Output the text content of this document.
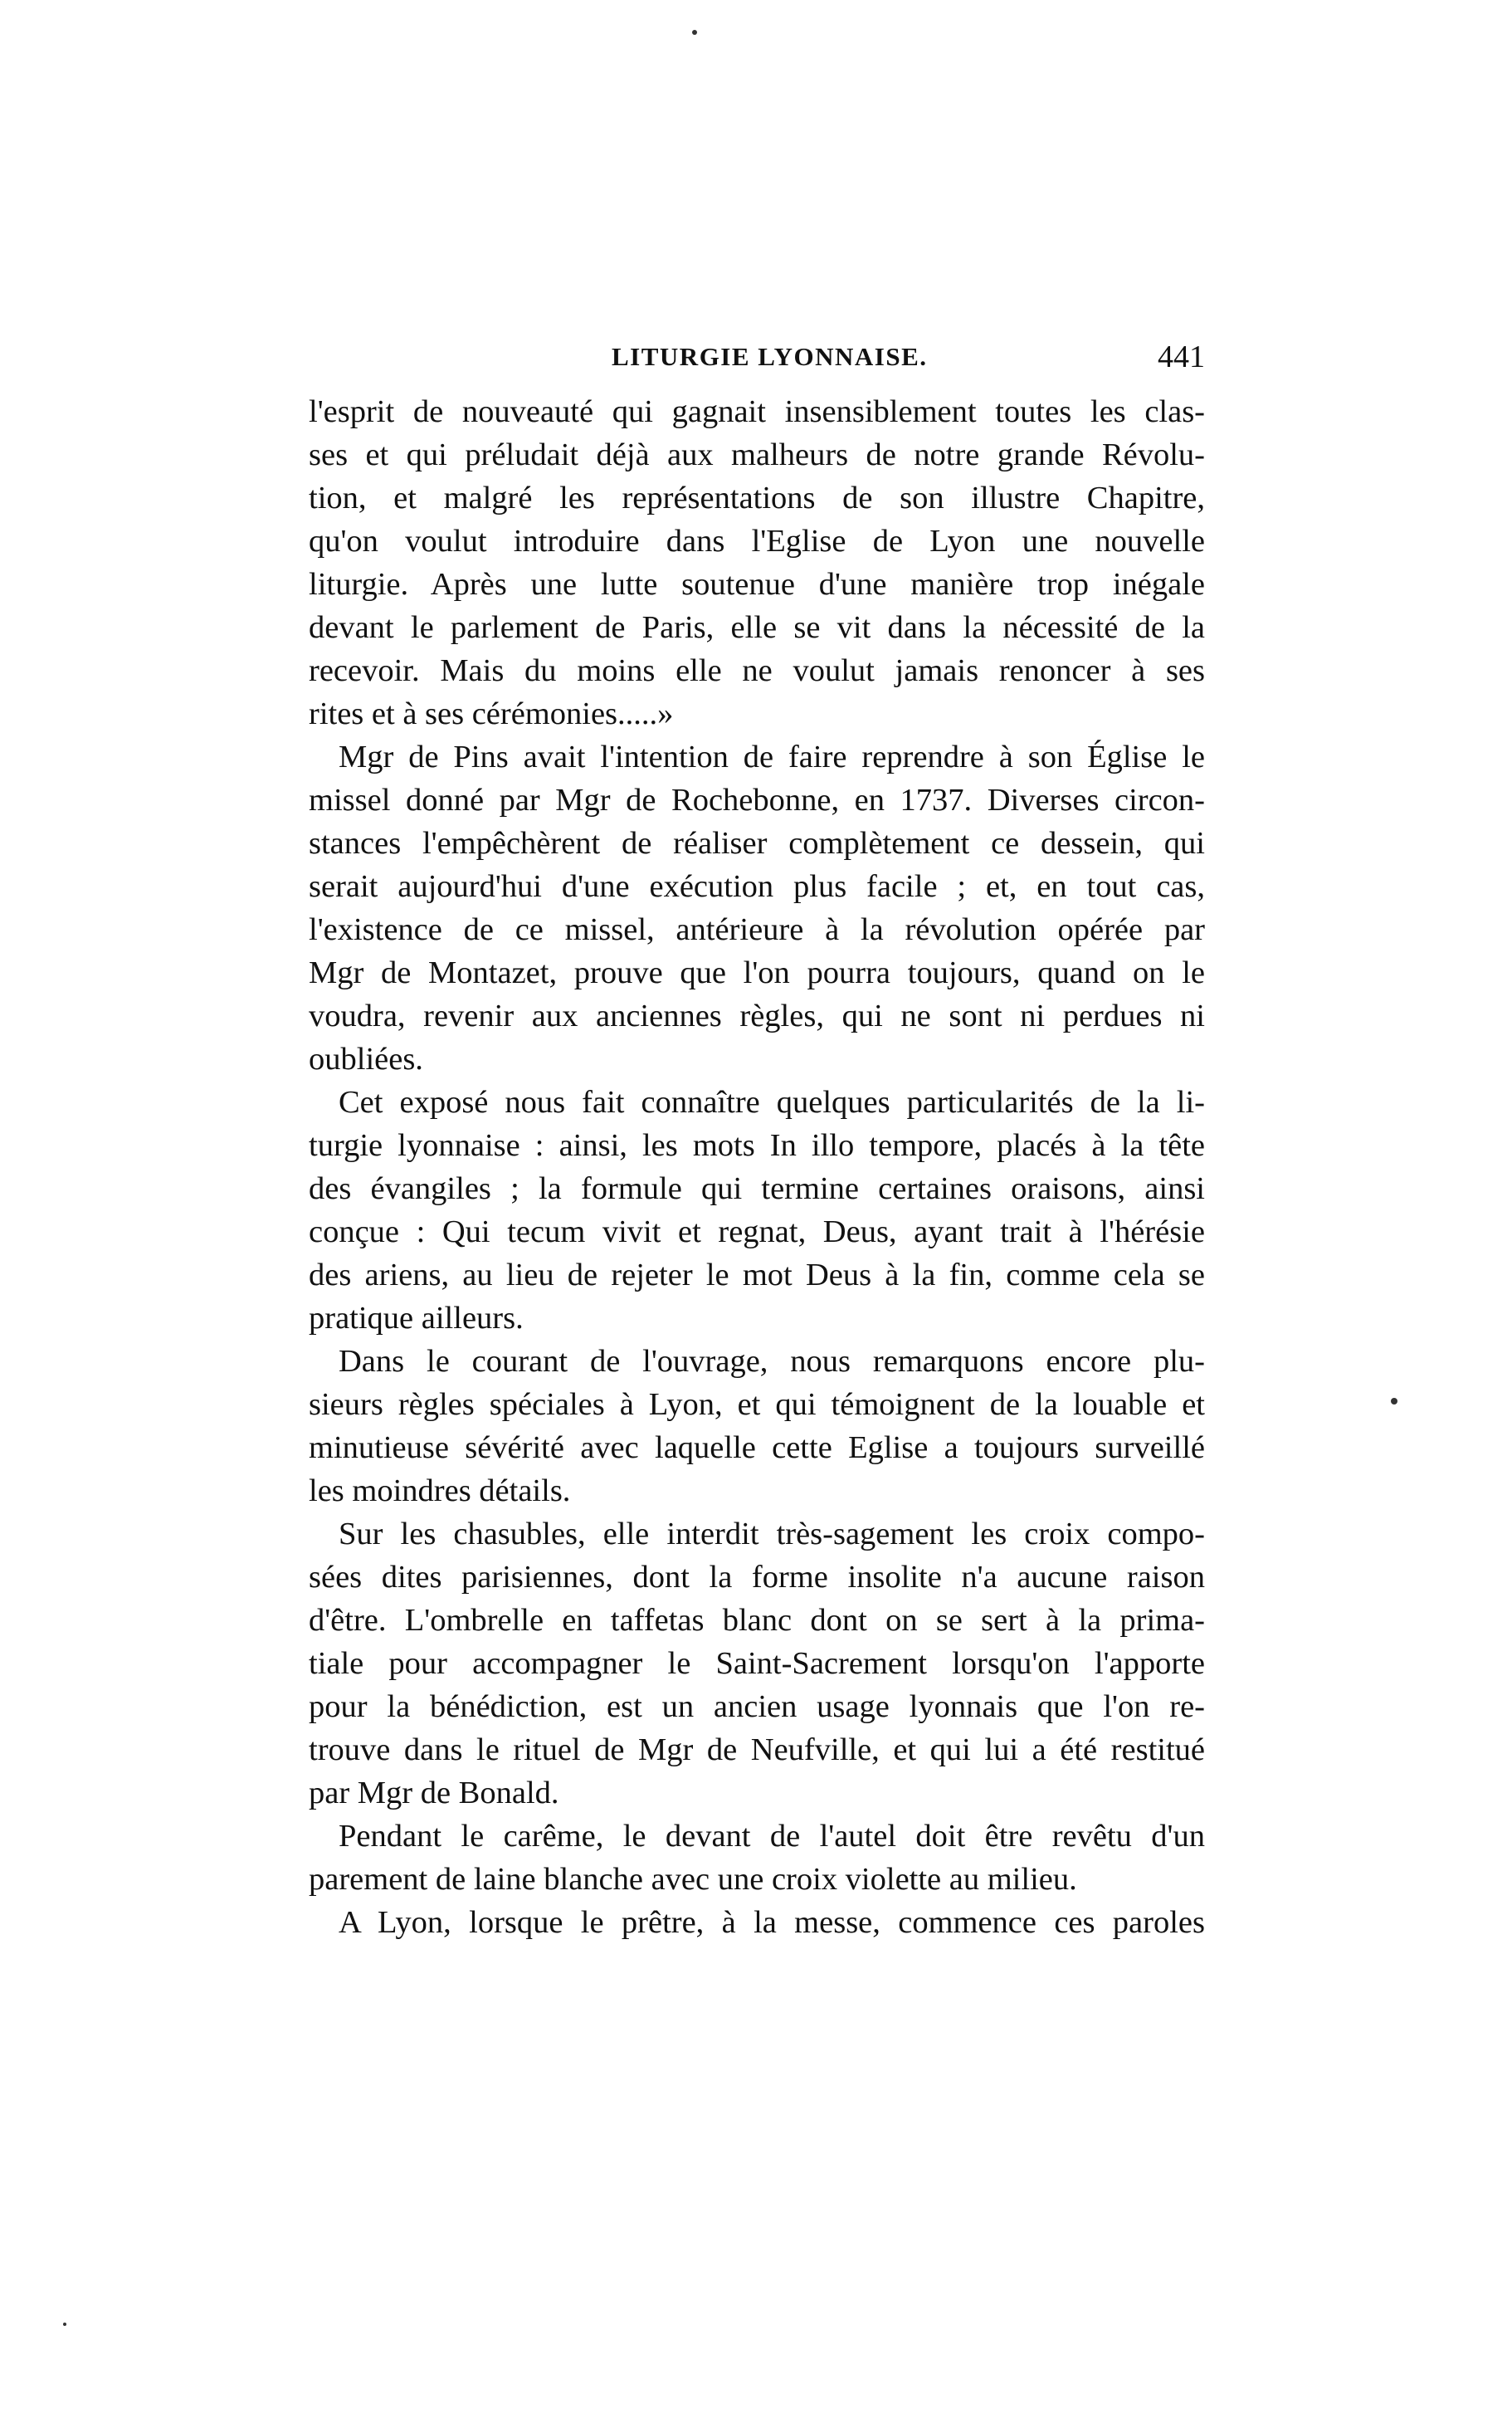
LITURGIE LYONNAISE.	441
l'esprit de nouveauté qui gagnait insensiblement toutes les clas-
ses et qui préludait déjà aux malheurs de notre grande Révolu-
tion, et malgré les représentations de son illustre Chapitre,
qu'on voulut introduire dans l'Eglise de Lyon une nouvelle
liturgie. Après une lutte soutenue d'une manière trop inégale
devant le parlement de Paris, elle se vit dans la nécessité de la
recevoir. Mais du moins elle ne voulut jamais renoncer à ses
rites et à ses cérémonies.....»
Mgr de Pins avait l'intention de faire reprendre à son Église le
missel donné par Mgr de Rochebonne, en 1737. Diverses circon-
stances l'empêchèrent de réaliser complètement ce dessein, qui
serait aujourd'hui d'une exécution plus facile ; et, en tout cas,
l'existence de ce missel, antérieure à la révolution opérée par
Mgr de Montazet, prouve que l'on pourra toujours, quand on le
voudra, revenir aux anciennes règles, qui ne sont ni perdues ni
oubliées.
Cet exposé nous fait connaître quelques particularités de la li-
turgie lyonnaise : ainsi, les mots In illo tempore, placés à la tête
des évangiles ; la formule qui termine certaines oraisons, ainsi
conçue : Qui tecum vivit et regnat, Deus, ayant trait à l'hérésie
des ariens, au lieu de rejeter le mot Deus à la fin, comme cela se
pratique ailleurs.
Dans le courant de l'ouvrage, nous remarquons encore plu-
sieurs règles spéciales à Lyon, et qui témoignent de la louable et
minutieuse sévérité avec laquelle cette Eglise a toujours surveillé
les moindres détails.
Sur les chasubles, elle interdit très-sagement les croix compo-
sées dites parisiennes, dont la forme insolite n'a aucune raison
d'être. L'ombrelle en taffetas blanc dont on se sert à la prima-
tiale pour accompagner le Saint-Sacrement lorsqu'on l'apporte
pour la bénédiction, est un ancien usage lyonnais que l'on re-
trouve dans le rituel de Mgr de Neufville, et qui lui a été restitué
par Mgr de Bonald.
Pendant le carême, le devant de l'autel doit être revêtu d'un
parement de laine blanche avec une croix violette au milieu.
A Lyon, lorsque le prêtre, à la messe, commence ces paroles
